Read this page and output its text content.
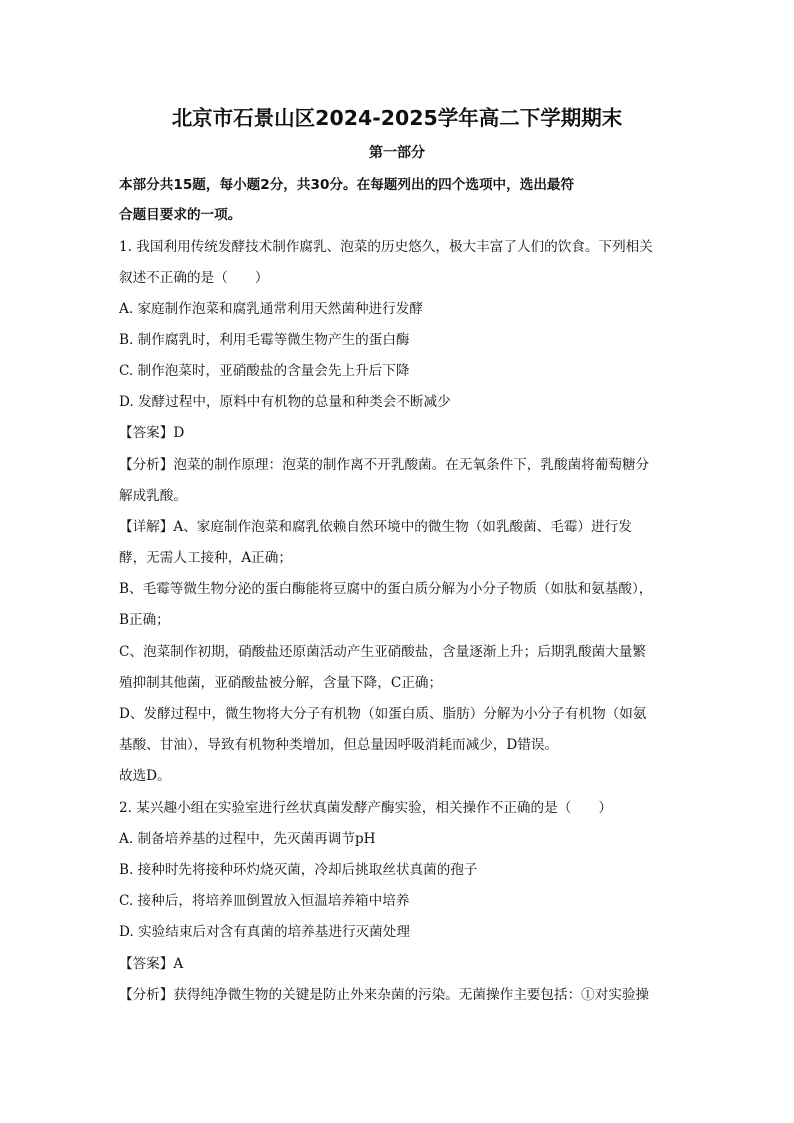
北京市石景山区2024-2025学年高二下学期期末
第一部分
本部分共15题，每小题2分，共30分。在每题列出的四个选项中，选出最符
合题目要求的一项。
1. 我国利用传统发酵技术制作腐乳、泡菜的历史悠久，极大丰富了人们的饮食。下列相关
叙述不正确的是（　　）
A. 家庭制作泡菜和腐乳通常利用天然菌种进行发酵
B. 制作腐乳时，利用毛霉等微生物产生的蛋白酶
C. 制作泡菜时，亚硝酸盐的含量会先上升后下降
D. 发酵过程中，原料中有机物的总量和种类会不断减少
【答案】D
【分析】泡菜的制作原理：泡菜的制作离不开乳酸菌。在无氧条件下，乳酸菌将葡萄糖分
解成乳酸。
【详解】A、家庭制作泡菜和腐乳依赖自然环境中的微生物（如乳酸菌、毛霉）进行发
酵，无需人工接种，A正确；
B、毛霉等微生物分泌的蛋白酶能将豆腐中的蛋白质分解为小分子物质（如肽和氨基酸），
B正确；
C、泡菜制作初期，硝酸盐还原菌活动产生亚硝酸盐，含量逐渐上升；后期乳酸菌大量繁
殖抑制其他菌，亚硝酸盐被分解，含量下降，C正确；
D、发酵过程中，微生物将大分子有机物（如蛋白质、脂肪）分解为小分子有机物（如氨
基酸、甘油），导致有机物种类增加，但总量因呼吸消耗而减少，D错误。
故选D。
2. 某兴趣小组在实验室进行丝状真菌发酵产酶实验，相关操作不正确的是（　　）
A. 制备培养基的过程中，先灭菌再调节pH
B. 接种时先将接种环灼烧灭菌，冷却后挑取丝状真菌的孢子
C. 接种后，将培养皿倒置放入恒温培养箱中培养
D. 实验结束后对含有真菌的培养基进行灭菌处理
【答案】A
【分析】获得纯净微生物的关键是防止外来杂菌的污染。无菌操作主要包括：①对实验操
